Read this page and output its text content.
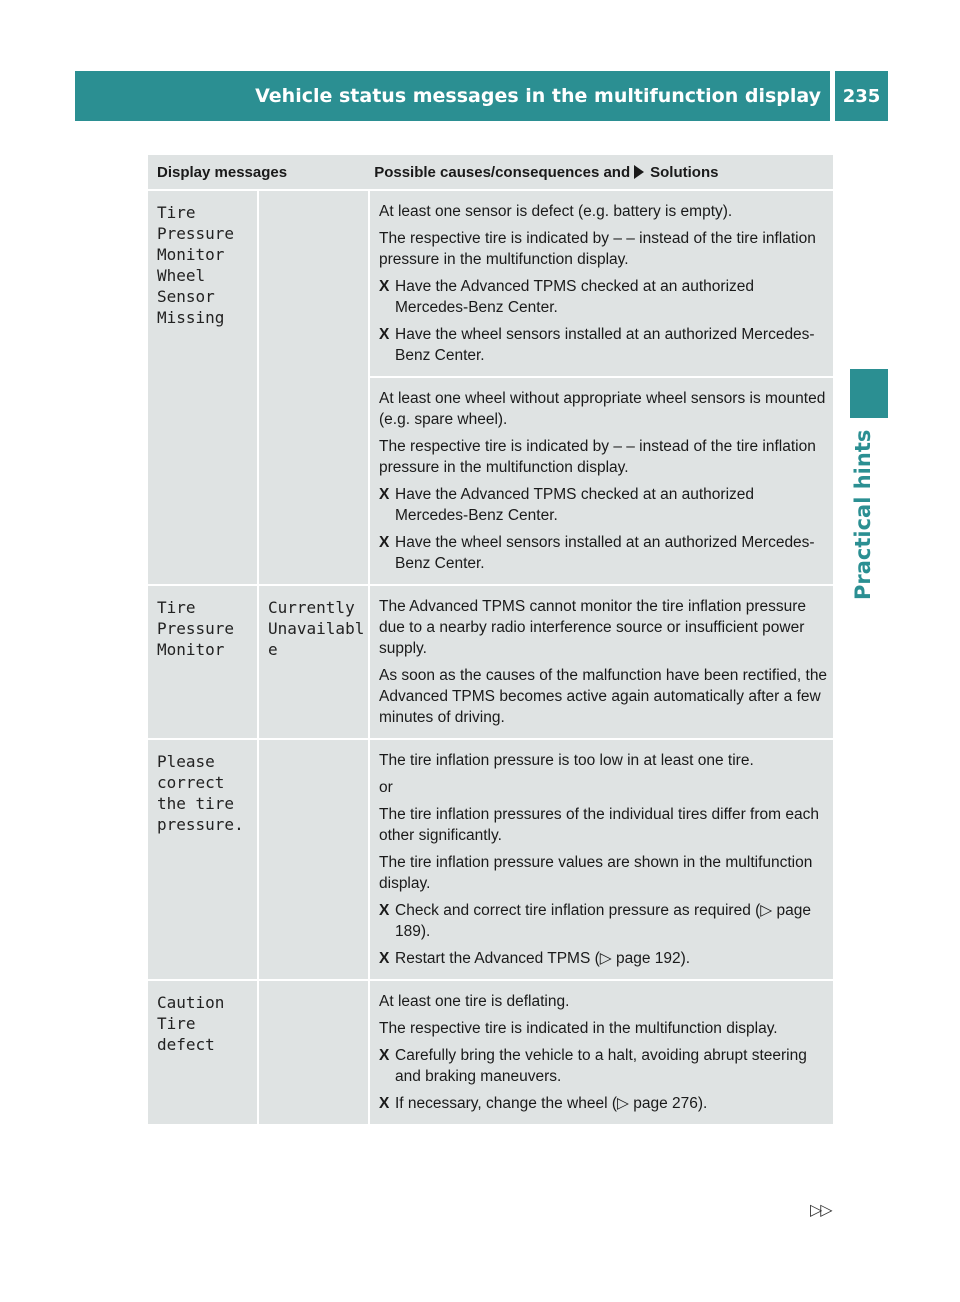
Vehicle status messages in the multifunction display	235
Practical hints
Display messages	Possible causes/consequences and Solutions
Tire
Pressure
Monitor
Wheel
Sensor
Missing

At least one sensor is defect (e.g. battery is empty).

The respective tire is indicated by – – instead of the tire inflation pressure in the multifunction display.

X Have the Advanced TPMS checked at an authorized Mercedes-Benz Center.
X Have the wheel sensors installed at an authorized Mercedes-Benz Center.

At least one wheel without appropriate wheel sensors is mounted (e.g. spare wheel).

The respective tire is indicated by – – instead of the tire inflation pressure in the multifunction display.

X Have the Advanced TPMS checked at an authorized Mercedes-Benz Center.
X Have the wheel sensors installed at an authorized Mercedes-Benz Center.
Tire
Pressure
Monitor
Currently
Unavailabl
e

The Advanced TPMS cannot monitor the tire inflation pressure due to a nearby radio interference source or insufficient power supply.

As soon as the causes of the malfunction have been rectified, the Advanced TPMS becomes active again automatically after a few minutes of driving.

Please
correct
the tire
pressure.

The tire inflation pressure is too low in at least one tire.

or

The tire inflation pressures of the individual tires differ from each other significantly.

The tire inflation pressure values are shown in the multifunction display.

X Check and correct tire inflation pressure as required (▷ page 189).
X Restart the Advanced TPMS (▷ page 192).
Caution
Tire
defect

At least one tire is deflating.

The respective tire is indicated in the multifunction display.

X Carefully bring the vehicle to a halt, avoiding abrupt steering and braking maneuvers.
X If necessary, change the wheel (▷ page 276).
▷▷
